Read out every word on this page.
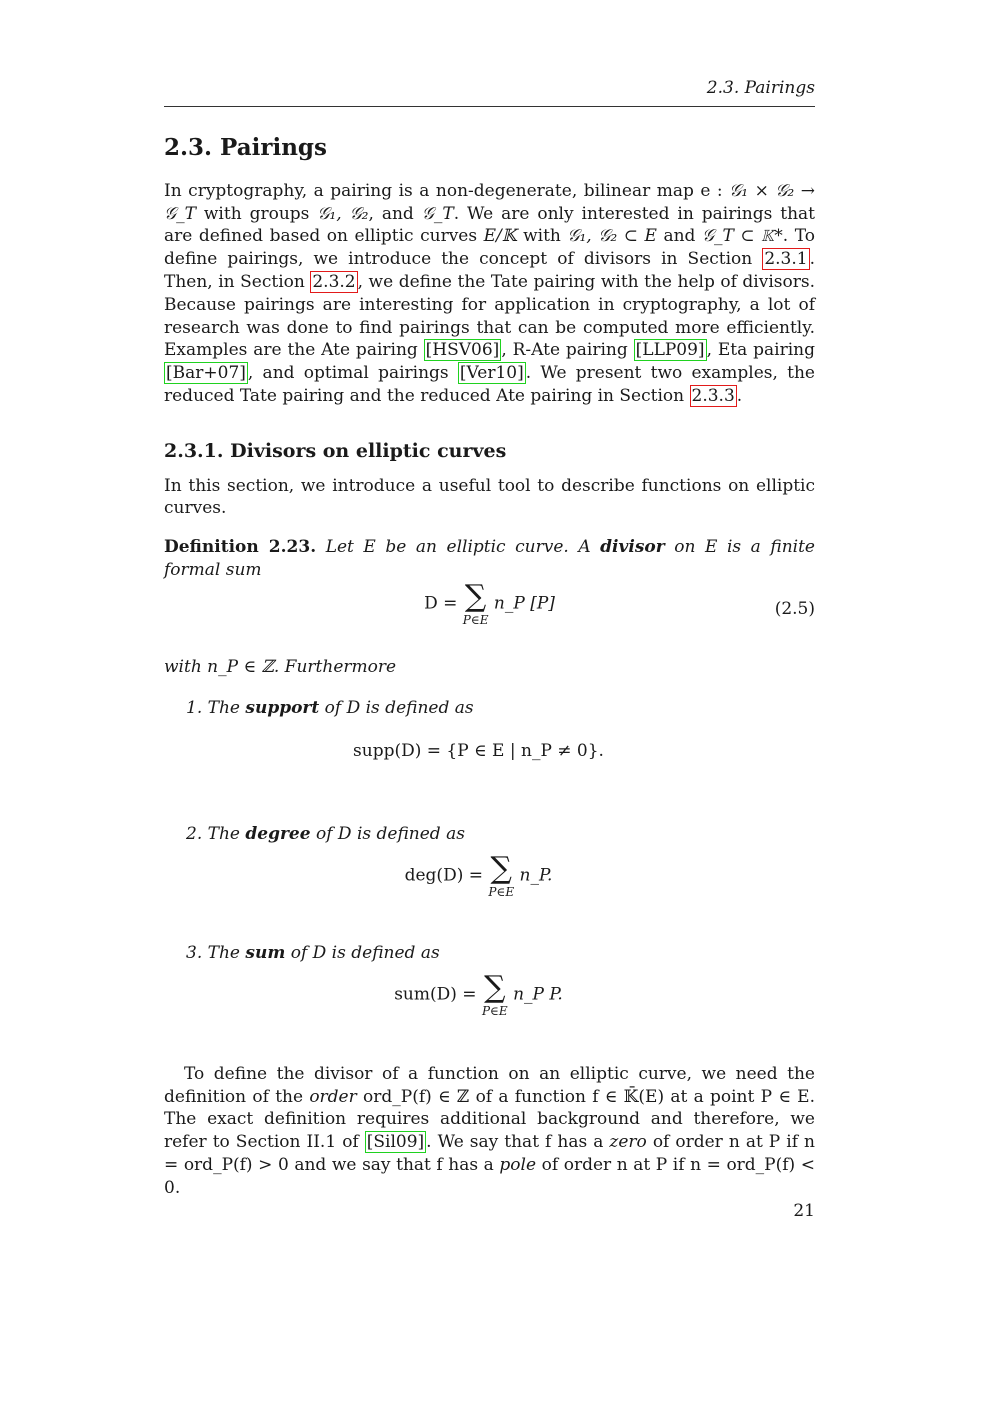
2.3. Pairings
2.3. Pairings

In cryptography, a pairing is a non-degenerate, bilinear map e : 𝒢₁ × 𝒢₂ → 𝒢_T with groups 𝒢₁, 𝒢₂, and 𝒢_T. We are only interested in pairings that are defined based on elliptic curves E/𝕂 with 𝒢₁, 𝒢₂ ⊂ E and 𝒢_T ⊂ 𝕂*. To define pairings, we introduce the concept of divisors in Section 2.3.1 . Then, in Section 2.3.2 , we define the Tate pairing with the help of divisors. Because pairings are interesting for application in cryptography, a lot of research was done to find pairings that can be computed more efficiently. Examples are the Ate pairing [HSV06] , R-Ate pairing [LLP09] , Eta pairing [Bar+07] , and optimal pairings [Ver10] . We present two examples, the reduced Tate pairing and the reduced Ate pairing in Section 2.3.3 .

2.3.1. Divisors on elliptic curves

In this section, we introduce a useful tool to describe functions on elliptic curves.

Definition 2.23. Let E be an elliptic curve. A divisor on E is a finite formal sum

D = ∑
P∈E
n_P [P]	(2.5)

with n_P ∈ ℤ. Furthermore

1. The support of D is defined as

supp(D) = {P ∈ E | n_P ≠ 0}.

2. The degree of D is defined as

deg(D) = ∑
P∈E
n_P.

3. The sum of D is defined as

sum(D) = ∑
P∈E
n_P P.

To define the divisor of a function on an elliptic curve, we need the definition of the order ord_P(f) ∈ ℤ of a function f ∈ 𝕂̄(E) at a point P ∈ E. The exact definition requires additional background and therefore, we refer to Section II.1 of [Sil09] . We say that f has a zero of order n at P if n = ord_P(f) > 0 and we say that f has a pole of order n at P if n = ord_P(f) < 0.

21
